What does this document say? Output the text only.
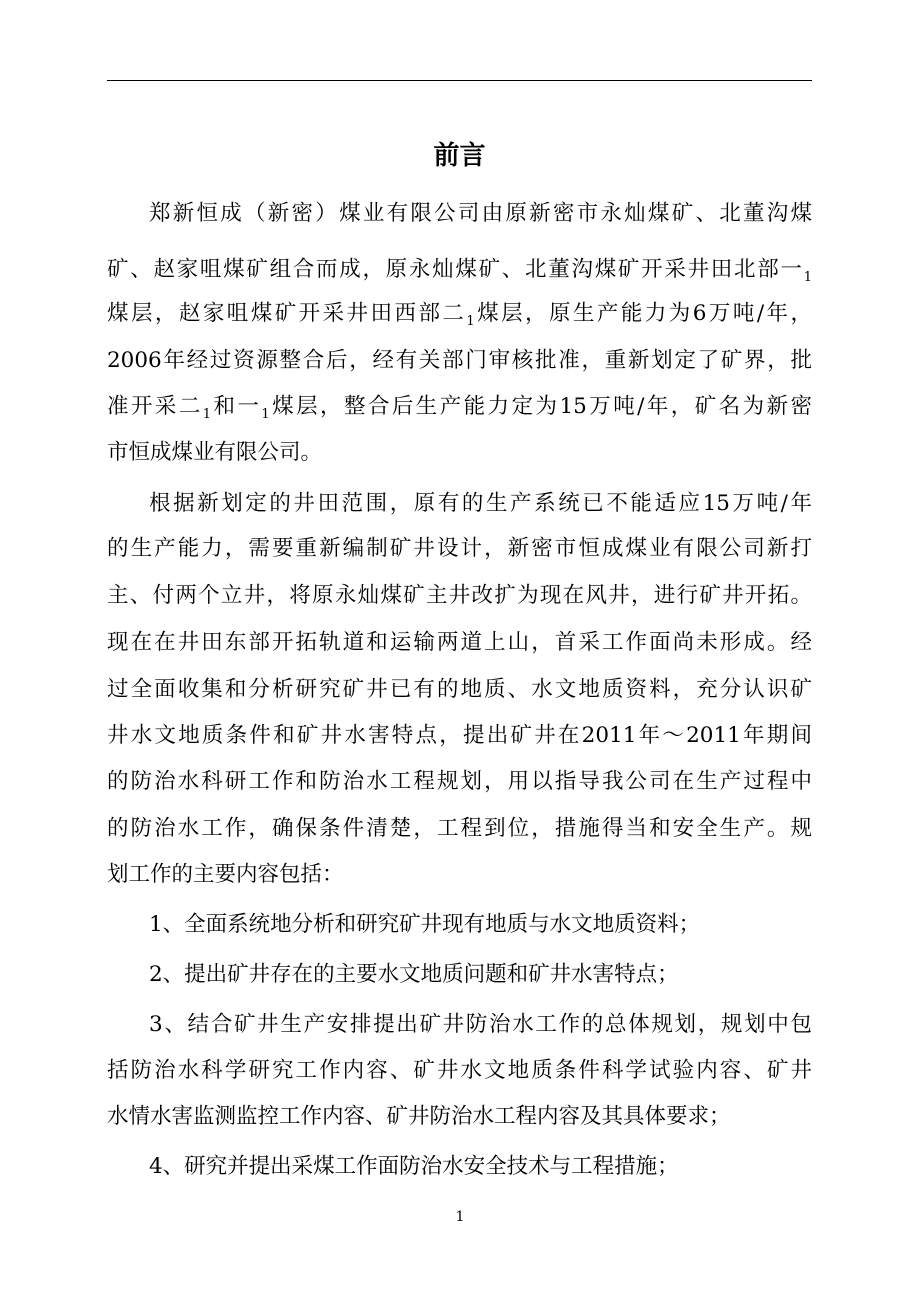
前言

郑新恒成（新密）煤业有限公司由原新密市永灿煤矿、北董沟煤

矿、赵家咀煤矿组合而成，原永灿煤矿、北董沟煤矿开采井田北部一$_1$

煤层，赵家咀煤矿开采井田西部二$_1$煤层，原生产能力为6万吨/年，

2006年经过资源整合后，经有关部门审核批准，重新划定了矿界，批

准开采二$_1$和一$_1$煤层，整合后生产能力定为15万吨/年，矿名为新密

市恒成煤业有限公司。

根据新划定的井田范围，原有的生产系统已不能适应15万吨/年

的生产能力，需要重新编制矿井设计，新密市恒成煤业有限公司新打

主、付两个立井，将原永灿煤矿主井改扩为现在风井，进行矿井开拓。

现在在井田东部开拓轨道和运输两道上山，首采工作面尚未形成。经

过全面收集和分析研究矿井已有的地质、水文地质资料，充分认识矿

井水文地质条件和矿井水害特点，提出矿井在2011年～2011年期间

的防治水科研工作和防治水工程规划，用以指导我公司在生产过程中

的防治水工作，确保条件清楚，工程到位，措施得当和安全生产。规

划工作的主要内容包括：

1、全面系统地分析和研究矿井现有地质与水文地质资料；

2、提出矿井存在的主要水文地质问题和矿井水害特点；

3、结合矿井生产安排提出矿井防治水工作的总体规划，规划中包

括防治水科学研究工作内容、矿井水文地质条件科学试验内容、矿井

水情水害监测监控工作内容、矿井防治水工程内容及其具体要求；

4、研究并提出采煤工作面防治水安全技术与工程措施；

1
